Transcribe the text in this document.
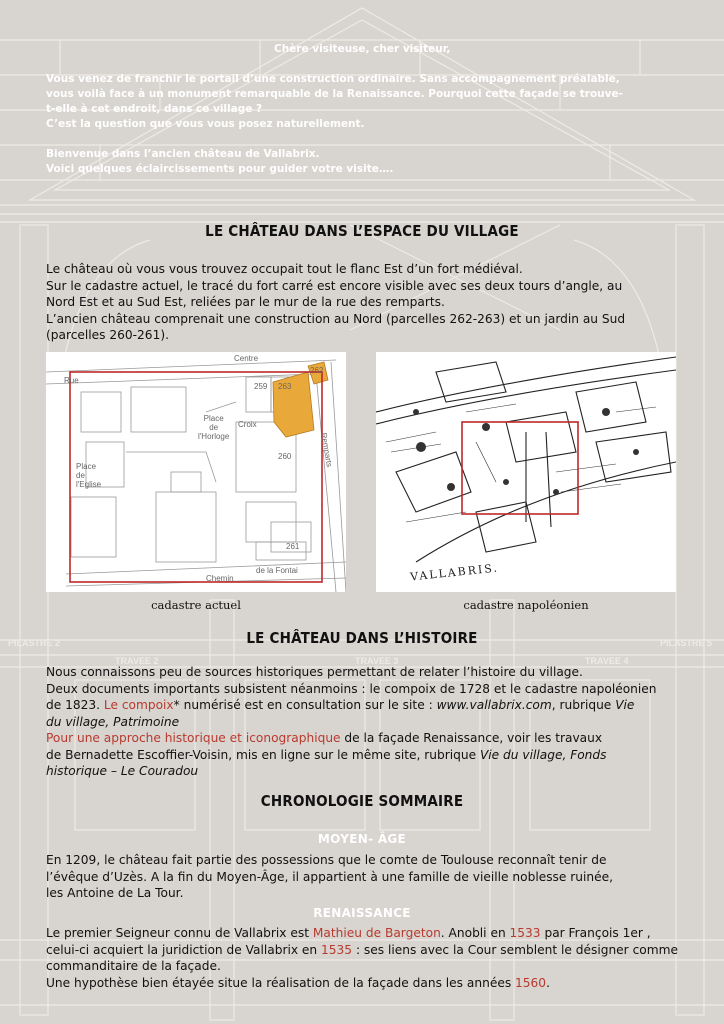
PILASTRE 2	PILASTRE 5
TRAVEE 2	TRAVEE 3	TRAVEE 4

Chère visiteuse, cher visiteur,

Vous venez de franchir le portail d’une construction ordinaire. Sans accompagnement préalable,

vous voilà face à un monument remarquable de la Renaissance. Pourquoi cette façade se trouve-

t-elle à cet endroit, dans ce village ?

C’est la question que vous vous posez naturellement.

Bienvenue dans l’ancien château de Vallabrix.

Voici quelques éclaircissements pour guider votre visite….

LE CHÂTEAU DANS L’ESPACE DU VILLAGE

Le château où vous vous trouvez occupait tout le flanc Est d’un fort médiéval.

Sur le cadastre actuel, le tracé du fort carré est encore visible avec ses deux tours d’angle, au

Nord Est et au Sud Est, reliées par le mur de la rue des remparts.

L’ancien château comprenait une construction au Nord (parcelles 262-263) et un jardin au Sud

(parcelles 260-261).

Rue
Centre
259 263
262
Place
de
l'Horloge
Croix
Remparts
260
Place
de
l'Eglise
261
Chemin
de la Fontai
cadastre actuel
VALLABRIS.
cadastre napoléonien
LE CHÂTEAU DANS L’HISTOIRE

Nous connaissons peu de sources historiques permettant de relater l’histoire du village.

Deux documents importants subsistent néanmoins : le compoix de 1728 et le cadastre napoléonien

de 1823. Le compoix* numérisé est en consultation sur le site : www.vallabrix.com, rubrique Vie

du village, Patrimoine

Pour une approche historique et iconographique de la façade Renaissance, voir les travaux

de Bernadette Escoffier-Voisin, mis en ligne sur le même site, rubrique Vie du village, Fonds

historique – Le Couradou

CHRONOLOGIE SOMMAIRE
MOYEN- ÂGE

En 1209, le château fait partie des possessions que le comte de Toulouse reconnaît tenir de

l’évêque d’Uzès. A la fin du Moyen-Âge, il appartient à une famille de vieille noblesse ruinée,

les Antoine de La Tour.

RENAISSANCE

Le premier Seigneur connu de Vallabrix est Mathieu de Bargeton. Anobli en 1533 par François 1er ,

celui-ci acquiert la juridiction de Vallabrix en 1535 : ses liens avec la Cour semblent le désigner comme

commanditaire de la façade.

Une hypothèse bien étayée situe la réalisation de la façade dans les années 1560.
